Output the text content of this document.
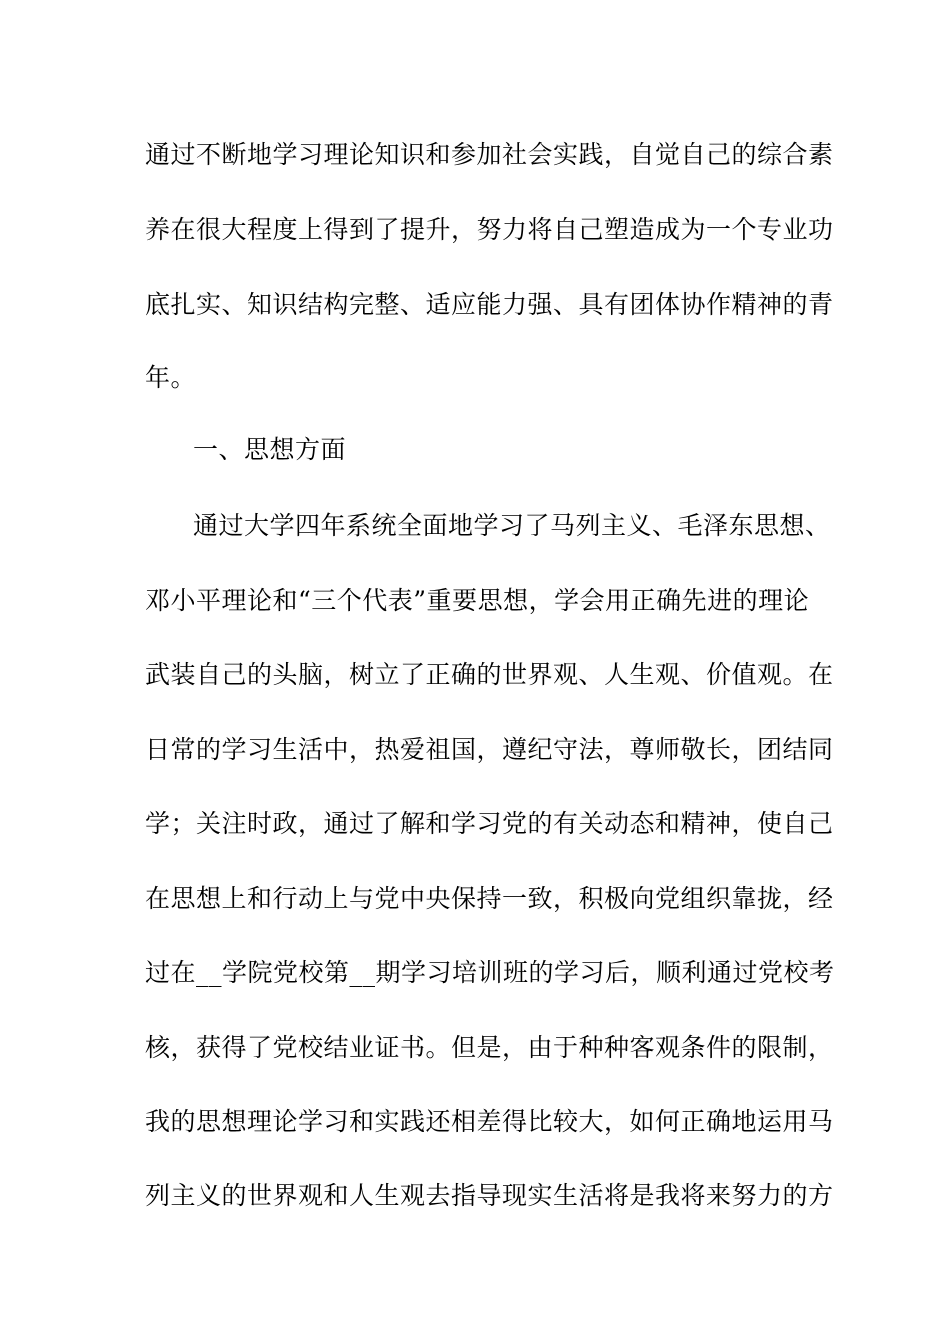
通过不断地学习理论知识和参加社会实践，自觉自己的综合素
养在很大程度上得到了提升，努力将自己塑造成为一个专业功
底扎实、知识结构完整、适应能力强、具有团体协作精神的青
年。
一、思想方面
通过大学四年系统全面地学习了马列主义、毛泽东思想、
邓小平理论和“三个代表”重要思想，学会用正确先进的理论
武装自己的头脑，树立了正确的世界观、人生观、价值观。在
日常的学习生活中，热爱祖国，遵纪守法，尊师敬长，团结同
学；关注时政，通过了解和学习党的有关动态和精神，使自己
在思想上和行动上与党中央保持一致，积极向党组织靠拢，经
过在__学院党校第__期学习培训班的学习后，顺利通过党校考
核，获得了党校结业证书。但是，由于种种客观条件的限制，
我的思想理论学习和实践还相差得比较大，如何正确地运用马
列主义的世界观和人生观去指导现实生活将是我将来努力的方
